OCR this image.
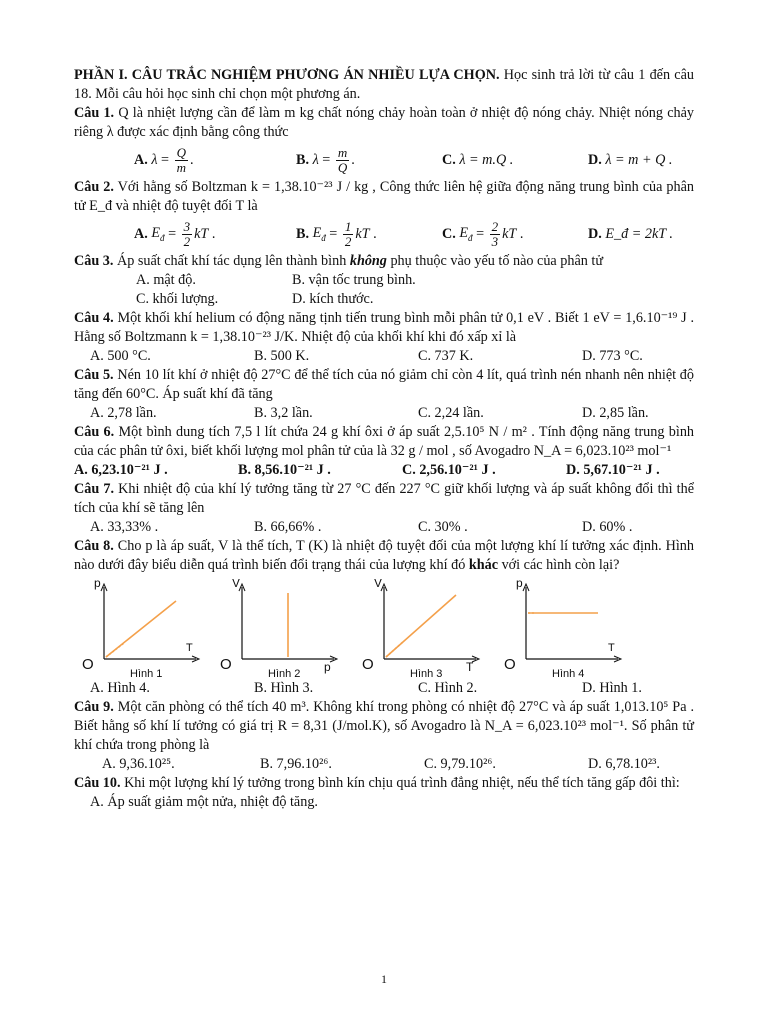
PHẦN I. CÂU TRẮC NGHIỆM PHƯƠNG ÁN NHIỀU LỰA CHỌN. Học sinh trả lời từ câu 1 đến câu 18. Mỗi câu hỏi học sinh chỉ chọn một phương án.

Câu 1. Q là nhiệt lượng cần để làm m kg chất nóng chảy hoàn toàn ở nhiệt độ nóng chảy. Nhiệt nóng chảy riêng λ được xác định bằng công thức

A. $\lambda = \frac{Q}{m}$ .	B. $\lambda = \frac{m}{Q}$ .	C. λ = m.Q .	D. λ = m + Q .

Câu 2. Với hằng số Boltzman k = 1,38.10⁻²³ J / kg , Công thức liên hệ giữa động năng trung bình của phân tử E_đ và nhiệt độ tuyệt đối T là

A. $E_đ = \frac{3}{2}$ kT .	B. $E_đ = \frac{1}{2}$ kT .	C. $E_đ = \frac{2}{3}$ kT .	D. E_đ = 2kT .

Câu 3. Áp suất chất khí tác dụng lên thành bình không phụ thuộc vào yếu tố nào của phân tử

A. mật độ.	B. vận tốc trung bình.
C. khối lượng.	D. kích thước.

Câu 4. Một khối khí helium có động năng tịnh tiến trung bình mỗi phân tử 0,1 eV . Biết 1 eV = 1,6.10⁻¹⁹ J . Hằng số Boltzmann k = 1,38.10⁻²³ J/K. Nhiệt độ của khối khí khi đó xấp xỉ là

A. 500 °C.	B. 500 K.	C. 737 K.	D. 773 °C.

Câu 5. Nén 10 lít khí ở nhiệt độ 27°C để thể tích của nó giảm chỉ còn 4 lít, quá trình nén nhanh nên nhiệt độ tăng đến 60°C. Áp suất khí đã tăng

A. 2,78 lần.	B. 3,2 lần.	C. 2,24 lần.	D. 2,85 lần.

Câu 6. Một bình dung tích 7,5 l lít chứa 24 g khí ôxi ở áp suất 2,5.10⁵ N / m² . Tính động năng trung bình của các phân tử ôxi, biết khối lượng mol phân tử của là 32 g / mol , số Avogadro N_A = 6,023.10²³ mol⁻¹

A. 6,23.10⁻²¹ J .	B. 8,56.10⁻²¹ J .	C. 2,56.10⁻²¹ J .	D. 5,67.10⁻²¹ J .

Câu 7. Khi nhiệt độ của khí lý tưởng tăng từ 27 °C đến 227 °C giữ khối lượng và áp suất không đổi thì thể tích của khí sẽ tăng lên

A. 33,33% .	B. 66,66% .	C. 30% .	D. 60% .

Câu 8. Cho p là áp suất, V là thể tích, T (K) là nhiệt độ tuyệt đối của một lượng khí lí tưởng xác định. Hình nào dưới đây biểu diễn quá trình biến đổi trạng thái của lượng khí đó khác với các hình còn lại?

p
O
T
Hình 1
V
O	p
Hình 2
V
O	T
Hình 3
p
O
T
Hình 4
A. Hình 4.	B. Hình 3.	C. Hình 2.	D. Hình 1.

Câu 9. Một căn phòng có thể tích 40 m³. Không khí trong phòng có nhiệt độ 27°C và áp suất 1,013.10⁵ Pa . Biết hằng số khí lí tưởng có giá trị R = 8,31 (J/mol.K), số Avogadro là N_A = 6,023.10²³ mol⁻¹. Số phân tử khí chứa trong phòng là

A. 9,36.10²⁵.	B. 7,96.10²⁶.	C. 9,79.10²⁶.	D. 6,78.10²³.

Câu 10. Khi một lượng khí lý tưởng trong bình kín chịu quá trình đẳng nhiệt, nếu thể tích tăng gấp đôi thì:

A. Áp suất giảm một nửa, nhiệt độ tăng.
1
